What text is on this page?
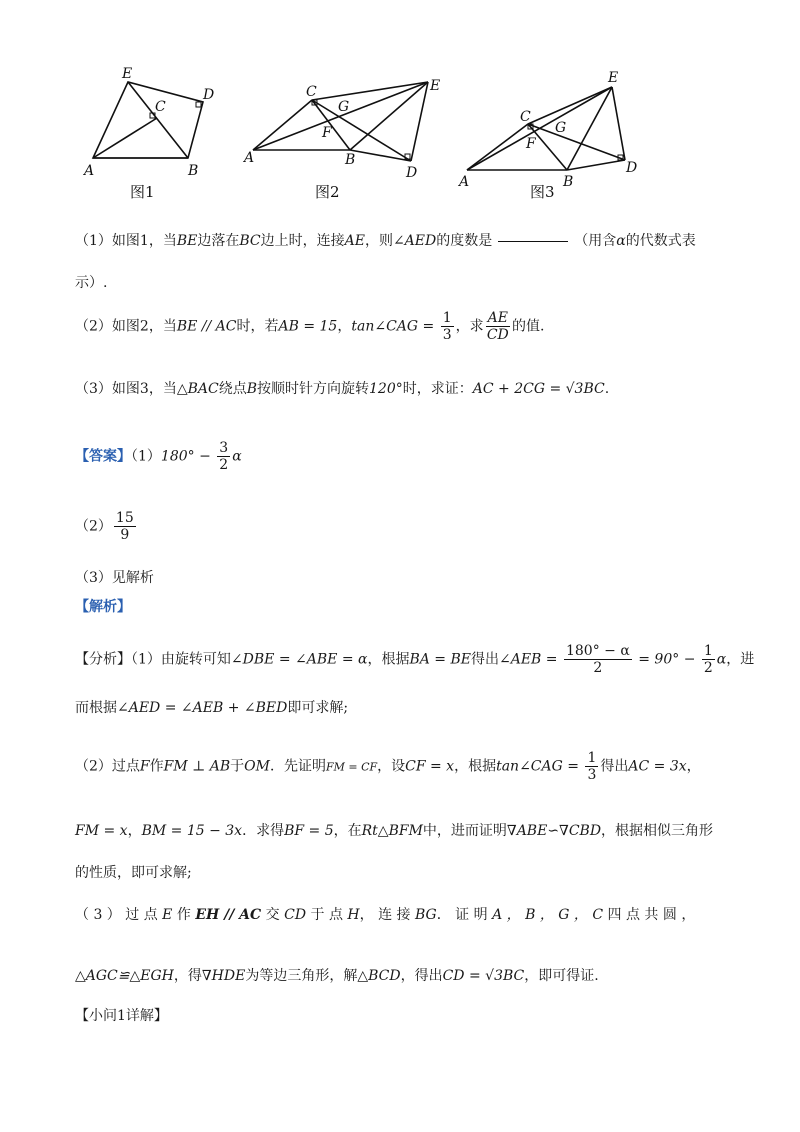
E
D
C
A	B
图1
C
G
E
F
A	B
D
图2
E
C
G
F
A	B
D
图3
（1）如图1，当BE边落在BC边上时，连接AE，则∠AED的度数是	（用含α的代数式表
示）.
（2）如图2，当BE // AC时，若AB = 15，tan∠CAG = $\frac{1}{3}$ ，求 $\frac{AE}{CD}$ 的值.
（3）如图3，当△BAC绕点B按顺时针方向旋转120°时，求证：AC + 2CG = √3BC.
【答案】$(1)180^\circ - \frac{3}{2}$ α
$(2) \frac{15}{9}$
（3）见解析
【解析】
【分析】（1）由旋转可知∠DBE = ∠ABE = α，根据BA = BE得出∠AEB = $\frac{180^\circ - \alpha}{2} = 90^\circ - \frac{1}{2}$ α，进
而根据∠AED = ∠AEB + ∠BED即可求解;
（2）过点F作FM ⊥ AB于OM．先证明FM = CF，设CF = x，根据tan∠CAG = $\frac{1}{3}$ 得出AC = 3x，
FM = x，BM = 15 − 3x．求得BF = 5，在Rt△BFM中，进而证明∇ABE∽∇CBD，根据相似三角形
的性质，即可求解;
（ 3 ） 过 点 E 作 EH // AC 交 CD 于 点 H， 连 接 BG． 证 明 A ， B ， G ， C 四 点 共 圆 ，
△AGC≌△EGH，得∇HDE为等边三角形，解△BCD，得出CD = √3BC，即可得证.
【小问1详解】
